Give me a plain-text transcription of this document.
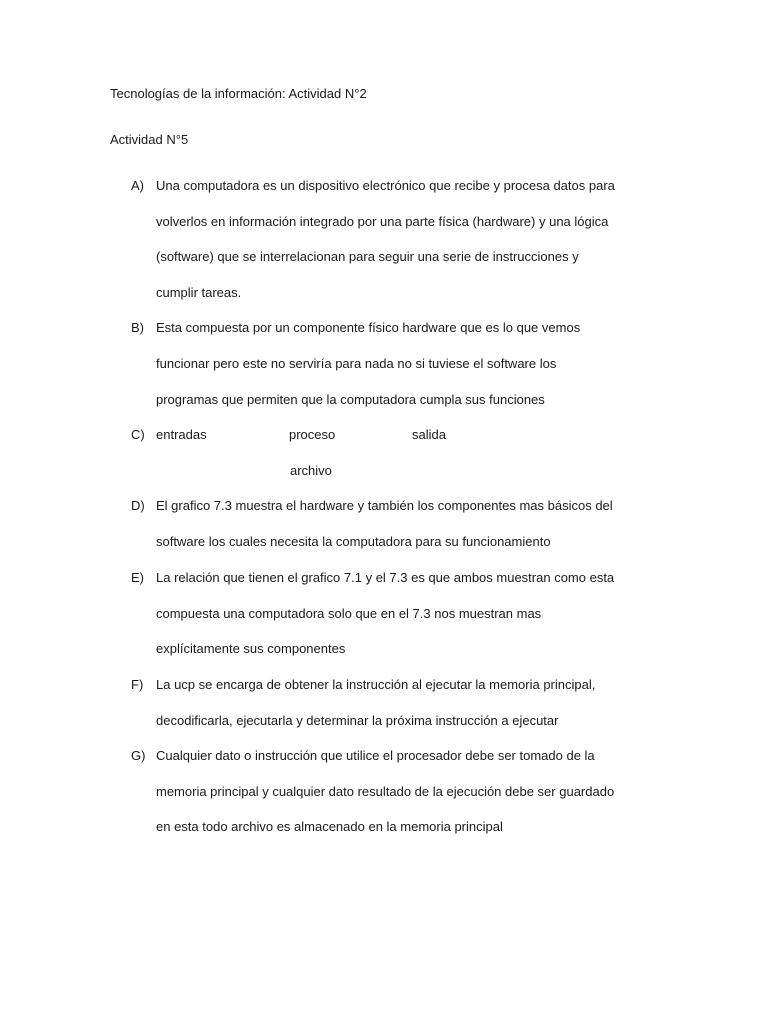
Tecnologías de la información: Actividad N°2
Actividad N°5
A) Una computadora es un dispositivo electrónico que recibe y procesa datos para
volverlos en información integrado por una parte física (hardware) y una lógica
(software) que se interrelacionan para seguir una serie de instrucciones y
cumplir tareas.
B) Esta compuesta por un componente físico hardware que es lo que vemos
funcionar pero este no serviría para nada no si tuviese el software los
programas que permiten que la computadora cumpla sus funciones
C) entradas	proceso	salida
archivo
D) El grafico 7.3 muestra el hardware y también los componentes mas básicos del
software los cuales necesita la computadora para su funcionamiento
E) La relación que tienen el grafico 7.1 y el 7.3 es que ambos muestran como esta
compuesta una computadora solo que en el 7.3 nos muestran mas
explícitamente sus componentes
F) La ucp se encarga de obtener la instrucción al ejecutar la memoria principal,
decodificarla, ejecutarla y determinar la próxima instrucción a ejecutar
G) Cualquier dato o instrucción que utilice el procesador debe ser tomado de la
memoria principal y cualquier dato resultado de la ejecución debe ser guardado
en esta todo archivo es almacenado en la memoria principal
